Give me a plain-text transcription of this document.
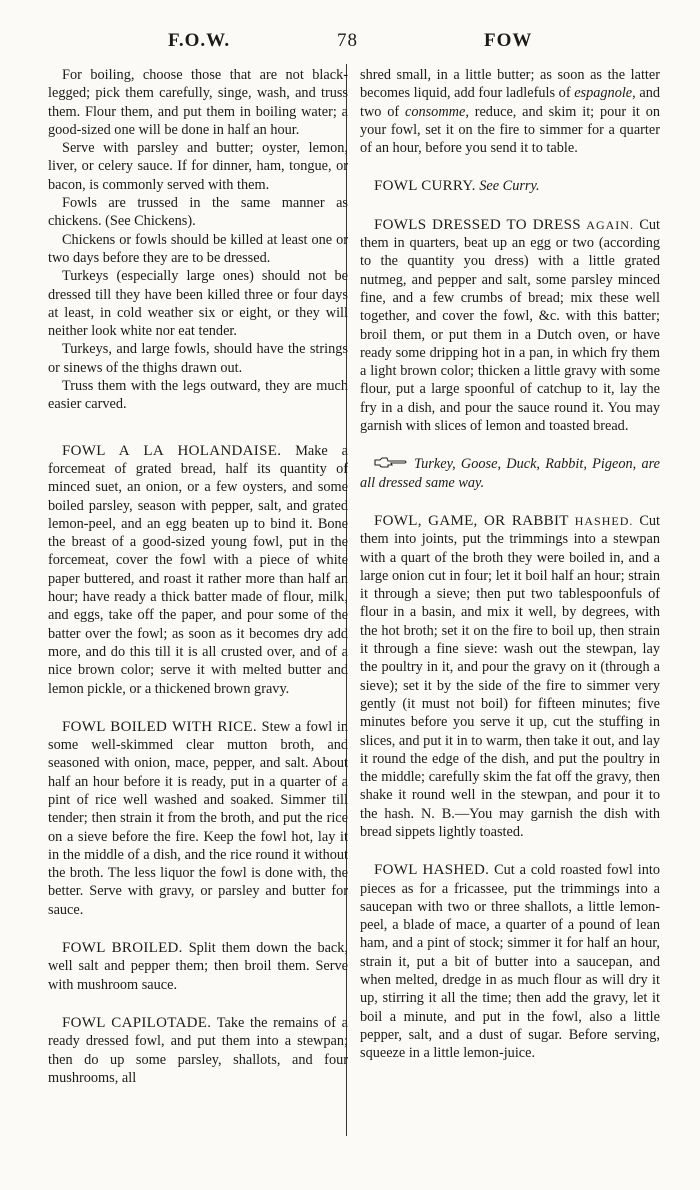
F.O.W.	78	FOW

For boiling, choose those that are not black-legged; pick them carefully, singe, wash, and truss them. Flour them, and put them in boiling water; a good-sized one will be done in half an hour.

Serve with parsley and butter; oyster, lemon, liver, or celery sauce. If for dinner, ham, tongue, or bacon, is commonly served with them.

Fowls are trussed in the same manner as chickens. (See Chickens).

Chickens or fowls should be killed at least one or two days before they are to be dressed.

Turkeys (especially large ones) should not be dressed till they have been killed three or four days at least, in cold weather six or eight, or they will neither look white nor eat tender.

Turkeys, and large fowls, should have the strings or sinews of the thighs drawn out.

Truss them with the legs outward, they are much easier carved.

FOWL A LA HOLANDAISE. Make a forcemeat of grated bread, half its quantity of minced suet, an onion, or a few oysters, and some boiled parsley, season with pepper, salt, and grated lemon-peel, and an egg beaten up to bind it. Bone the breast of a good-sized young fowl, put in the forcemeat, cover the fowl with a piece of white paper buttered, and roast it rather more than half an hour; have ready a thick batter made of flour, milk, and eggs, take off the paper, and pour some of the batter over the fowl; as soon as it becomes dry add more, and do this till it is all crusted over, and of a nice brown color; serve it with melted butter and lemon pickle, or a thickened brown gravy.

FOWL BOILED WITH RICE. Stew a fowl in some well-skimmed clear mutton broth, and seasoned with onion, mace, pepper, and salt. About half an hour before it is ready, put in a quarter of a pint of rice well washed and soaked. Simmer till tender; then strain it from the broth, and put the rice on a sieve before the fire. Keep the fowl hot, lay it in the middle of a dish, and the rice round it without the broth. The less liquor the fowl is done with, the better. Serve with gravy, or parsley and butter for sauce.

FOWL BROILED. Split them down the back, well salt and pepper them; then broil them. Serve with mushroom sauce.

FOWL CAPILOTADE. Take the remains of a ready dressed fowl, and put them into a stewpan; then do up some parsley, shallots, and four mushrooms, all

shred small, in a little butter; as soon as the latter becomes liquid, add four ladlefuls of espagnole, and two of consomme, reduce, and skim it; pour it on your fowl, set it on the fire to simmer for a quarter of an hour, before you send it to table.

FOWL CURRY. See Curry.

FOWLS DRESSED TO DRESS AGAIN. Cut them in quarters, beat up an egg or two (according to the quantity you dress) with a little grated nutmeg, and pepper and salt, some parsley minced fine, and a few crumbs of bread; mix these well together, and cover the fowl, &c. with this batter; broil them, or put them in a Dutch oven, or have ready some dripping hot in a pan, in which fry them a light brown color; thicken a little gravy with some flour, put a large spoonful of catchup to it, lay the fry in a dish, and pour the sauce round it. You may garnish with slices of lemon and toasted bread.

Turkey, Goose, Duck, Rabbit, Pigeon, are all dressed same way.

FOWL, GAME, OR RABBIT HASHED. Cut them into joints, put the trimmings into a stewpan with a quart of the broth they were boiled in, and a large onion cut in four; let it boil half an hour; strain it through a sieve; then put two tablespoonfuls of flour in a basin, and mix it well, by degrees, with the hot broth; set it on the fire to boil up, then strain it through a fine sieve: wash out the stewpan, lay the poultry in it, and pour the gravy on it (through a sieve); set it by the side of the fire to simmer very gently (it must not boil) for fifteen minutes; five minutes before you serve it up, cut the stuffing in slices, and put it in to warm, then take it out, and lay it round the edge of the dish, and put the poultry in the middle; carefully skim the fat off the gravy, then shake it round well in the stewpan, and pour it to the hash. N. B.—You may garnish the dish with bread sippets lightly toasted.

FOWL HASHED. Cut a cold roasted fowl into pieces as for a fricassee, put the trimmings into a saucepan with two or three shallots, a little lemon-peel, a blade of mace, a quarter of a pound of lean ham, and a pint of stock; simmer it for half an hour, strain it, put a bit of butter into a saucepan, and when melted, dredge in as much flour as will dry it up, stirring it all the time; then add the gravy, let it boil a minute, and put in the fowl, also a little pepper, salt, and a dust of sugar. Before serving, squeeze in a little lemon-juice.
